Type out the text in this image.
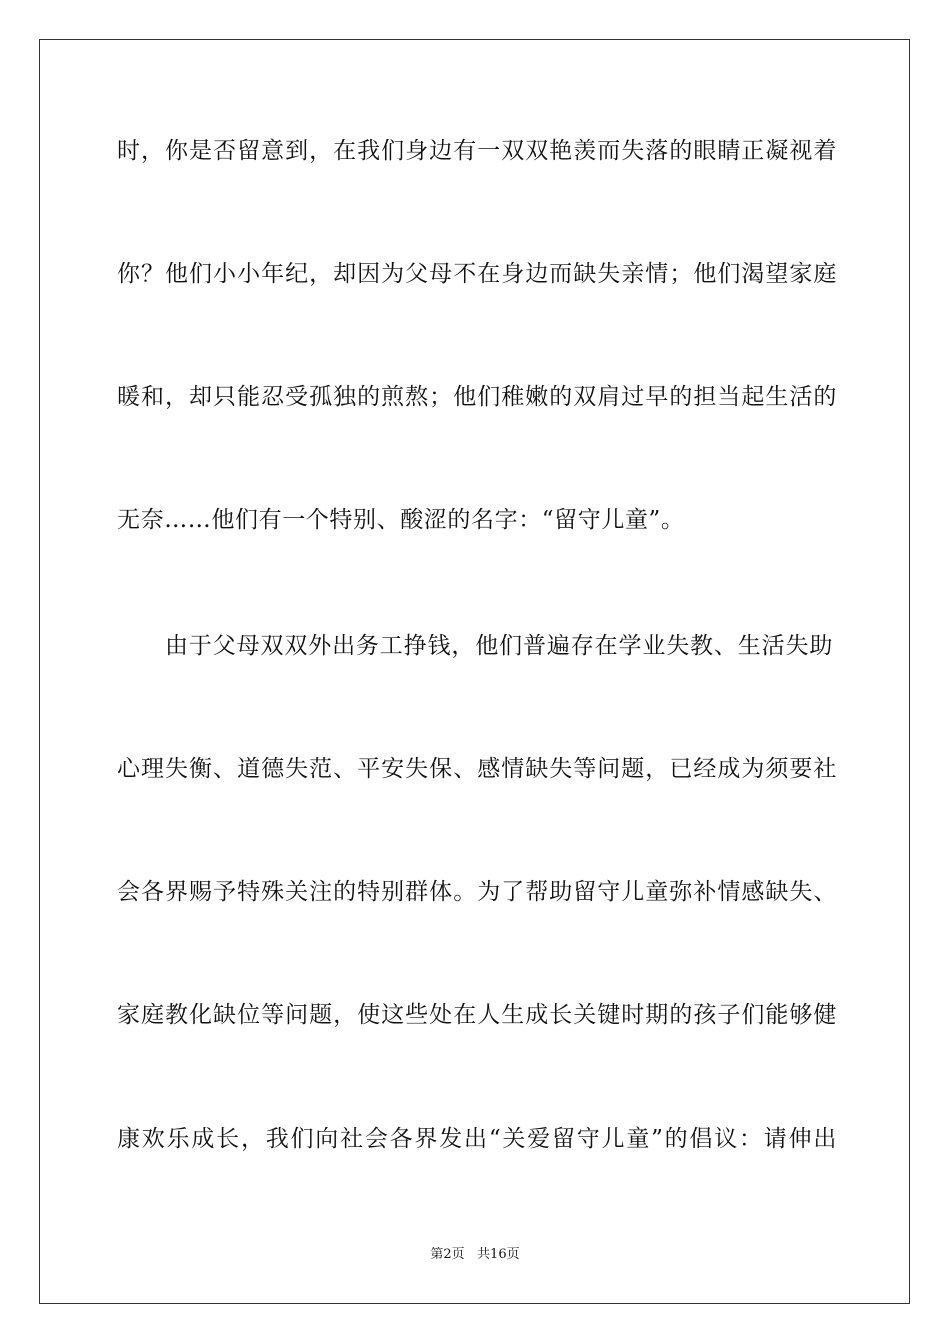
时，你是否留意到，在我们身边有一双双艳羡而失落的眼睛正凝视着
你？他们小小年纪，却因为父母不在身边而缺失亲情；他们渴望家庭
暖和，却只能忍受孤独的煎熬；他们稚嫩的双肩过早的担当起生活的
无奈……他们有一个特别、酸涩的名字：“留守儿童”。
由于父母双双外出务工挣钱，他们普遍存在学业失教、生活失助
心理失衡、道德失范、平安失保、感情缺失等问题，已经成为须要社
会各界赐予特殊关注的特别群体。为了帮助留守儿童弥补情感缺失、
家庭教化缺位等问题，使这些处在人生成长关键时期的孩子们能够健
康欢乐成长，我们向社会各界发出“关爱留守儿童”的倡议：请伸出
第2页   共16页
